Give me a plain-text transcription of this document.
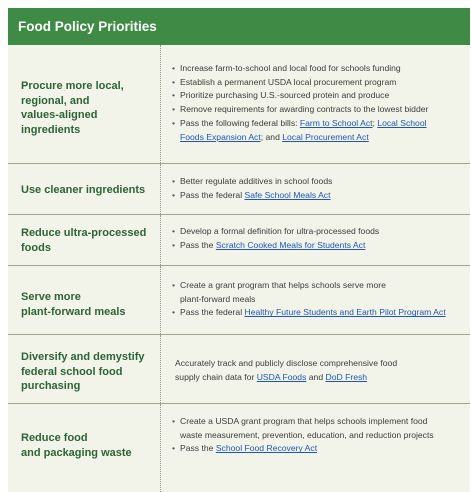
Food Policy Priorities
Procure more local,
regional, and
values-aligned
ingredients
• Increase farm-to-school and local food for schools funding
• Establish a permanent USDA local procurement program
• Prioritize purchasing U.S.-sourced protein and produce
• Remove requirements for awarding contracts to the lowest bidder
• Pass the following federal bills: Farm to School Act; Local School
Foods Expansion Act; and Local Procurement Act
Use cleaner ingredients
• Better regulate additives in school foods
• Pass the federal Safe School Meals Act
Reduce ultra-processed
foods
• Develop a formal definition for ultra-processed foods
• Pass the Scratch Cooked Meals for Students Act
Serve more
plant-forward meals
• Create a grant program that helps schools serve more
plant-forward meals
• Pass the federal Healthy Future Students and Earth Pilot Program Act
Diversify and demystify
federal school food
purchasing
Accurately track and publicly disclose comprehensive food
supply chain data for USDA Foods and DoD Fresh
Reduce food
and packaging waste
• Create a USDA grant program that helps schools implement food
waste measurement, prevention, education, and reduction projects
• Pass the School Food Recovery Act
